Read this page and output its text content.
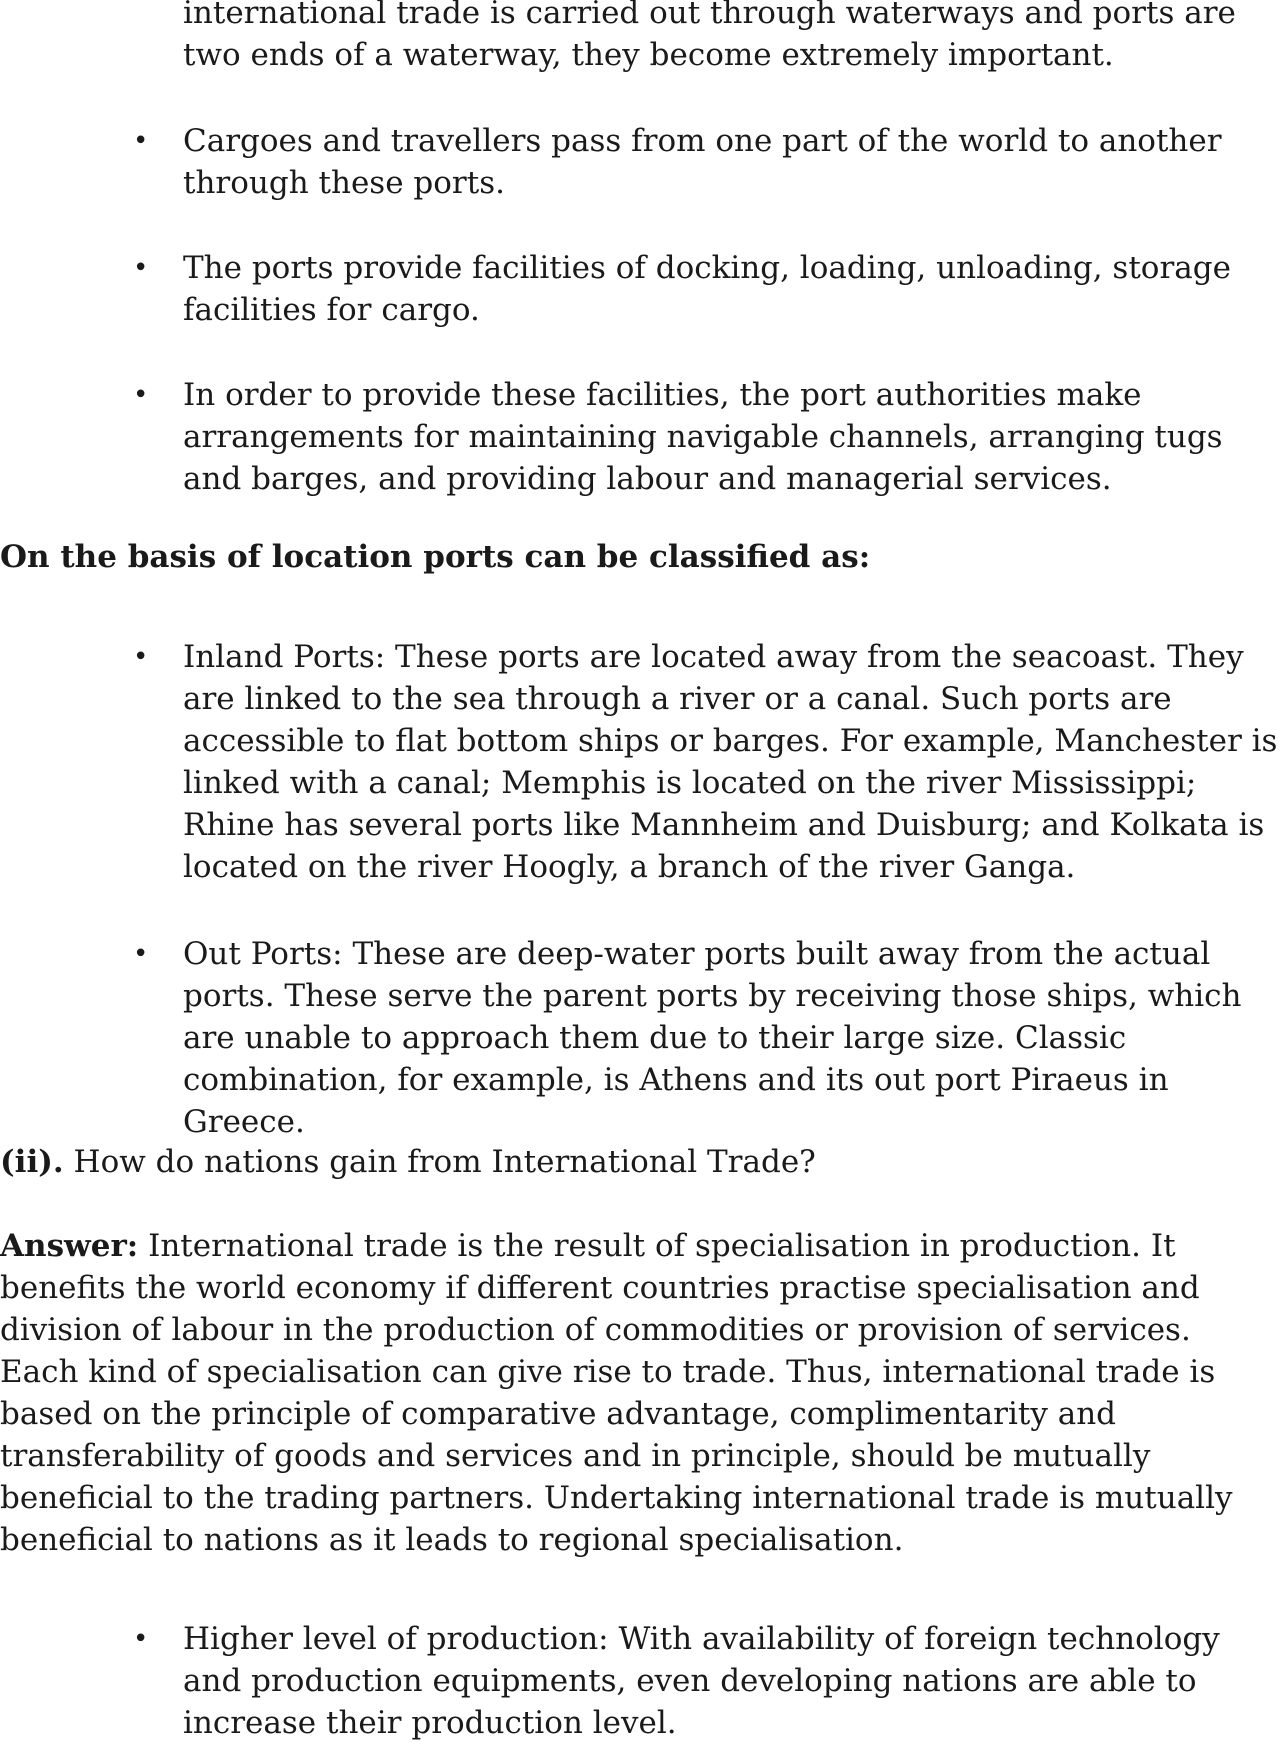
international trade is carried out through waterways and ports are two ends of a waterway, they become extremely important.

• Cargoes and travellers pass from one part of the world to another through these ports.
• The ports provide facilities of docking, loading, unloading, storage facilities for cargo.
• In order to provide these facilities, the port authorities make arrangements for maintaining navigable channels, arranging tugs and barges, and providing labour and managerial services.
On the basis of location ports can be classified as:
• Inland Ports: These ports are located away from the seacoast. They are linked to the sea through a river or a canal. Such ports are accessible to flat bottom ships or barges. For example, Manchester is linked with a canal; Memphis is located on the river Mississippi; Rhine has several ports like Mannheim and Duisburg; and Kolkata is located on the river Hoogly, a branch of the river Ganga.
• Out Ports: These are deep-water ports built away from the actual ports. These serve the parent ports by receiving those ships, which are unable to approach them due to their large size. Classic combination, for example, is Athens and its out port Piraeus in Greece.

(ii). How do nations gain from International Trade?

Answer: International trade is the result of specialisation in production. It benefits the world economy if different countries practise specialisation and division of labour in the production of commodities or provision of services. Each kind of specialisation can give rise to trade. Thus, international trade is based on the principle of comparative advantage, complimentarity and transferability of goods and services and in principle, should be mutually beneficial to the trading partners. Undertaking international trade is mutually beneficial to nations as it leads to regional specialisation.

• Higher level of production: With availability of foreign technology and production equipments, even developing nations are able to increase their production level.
